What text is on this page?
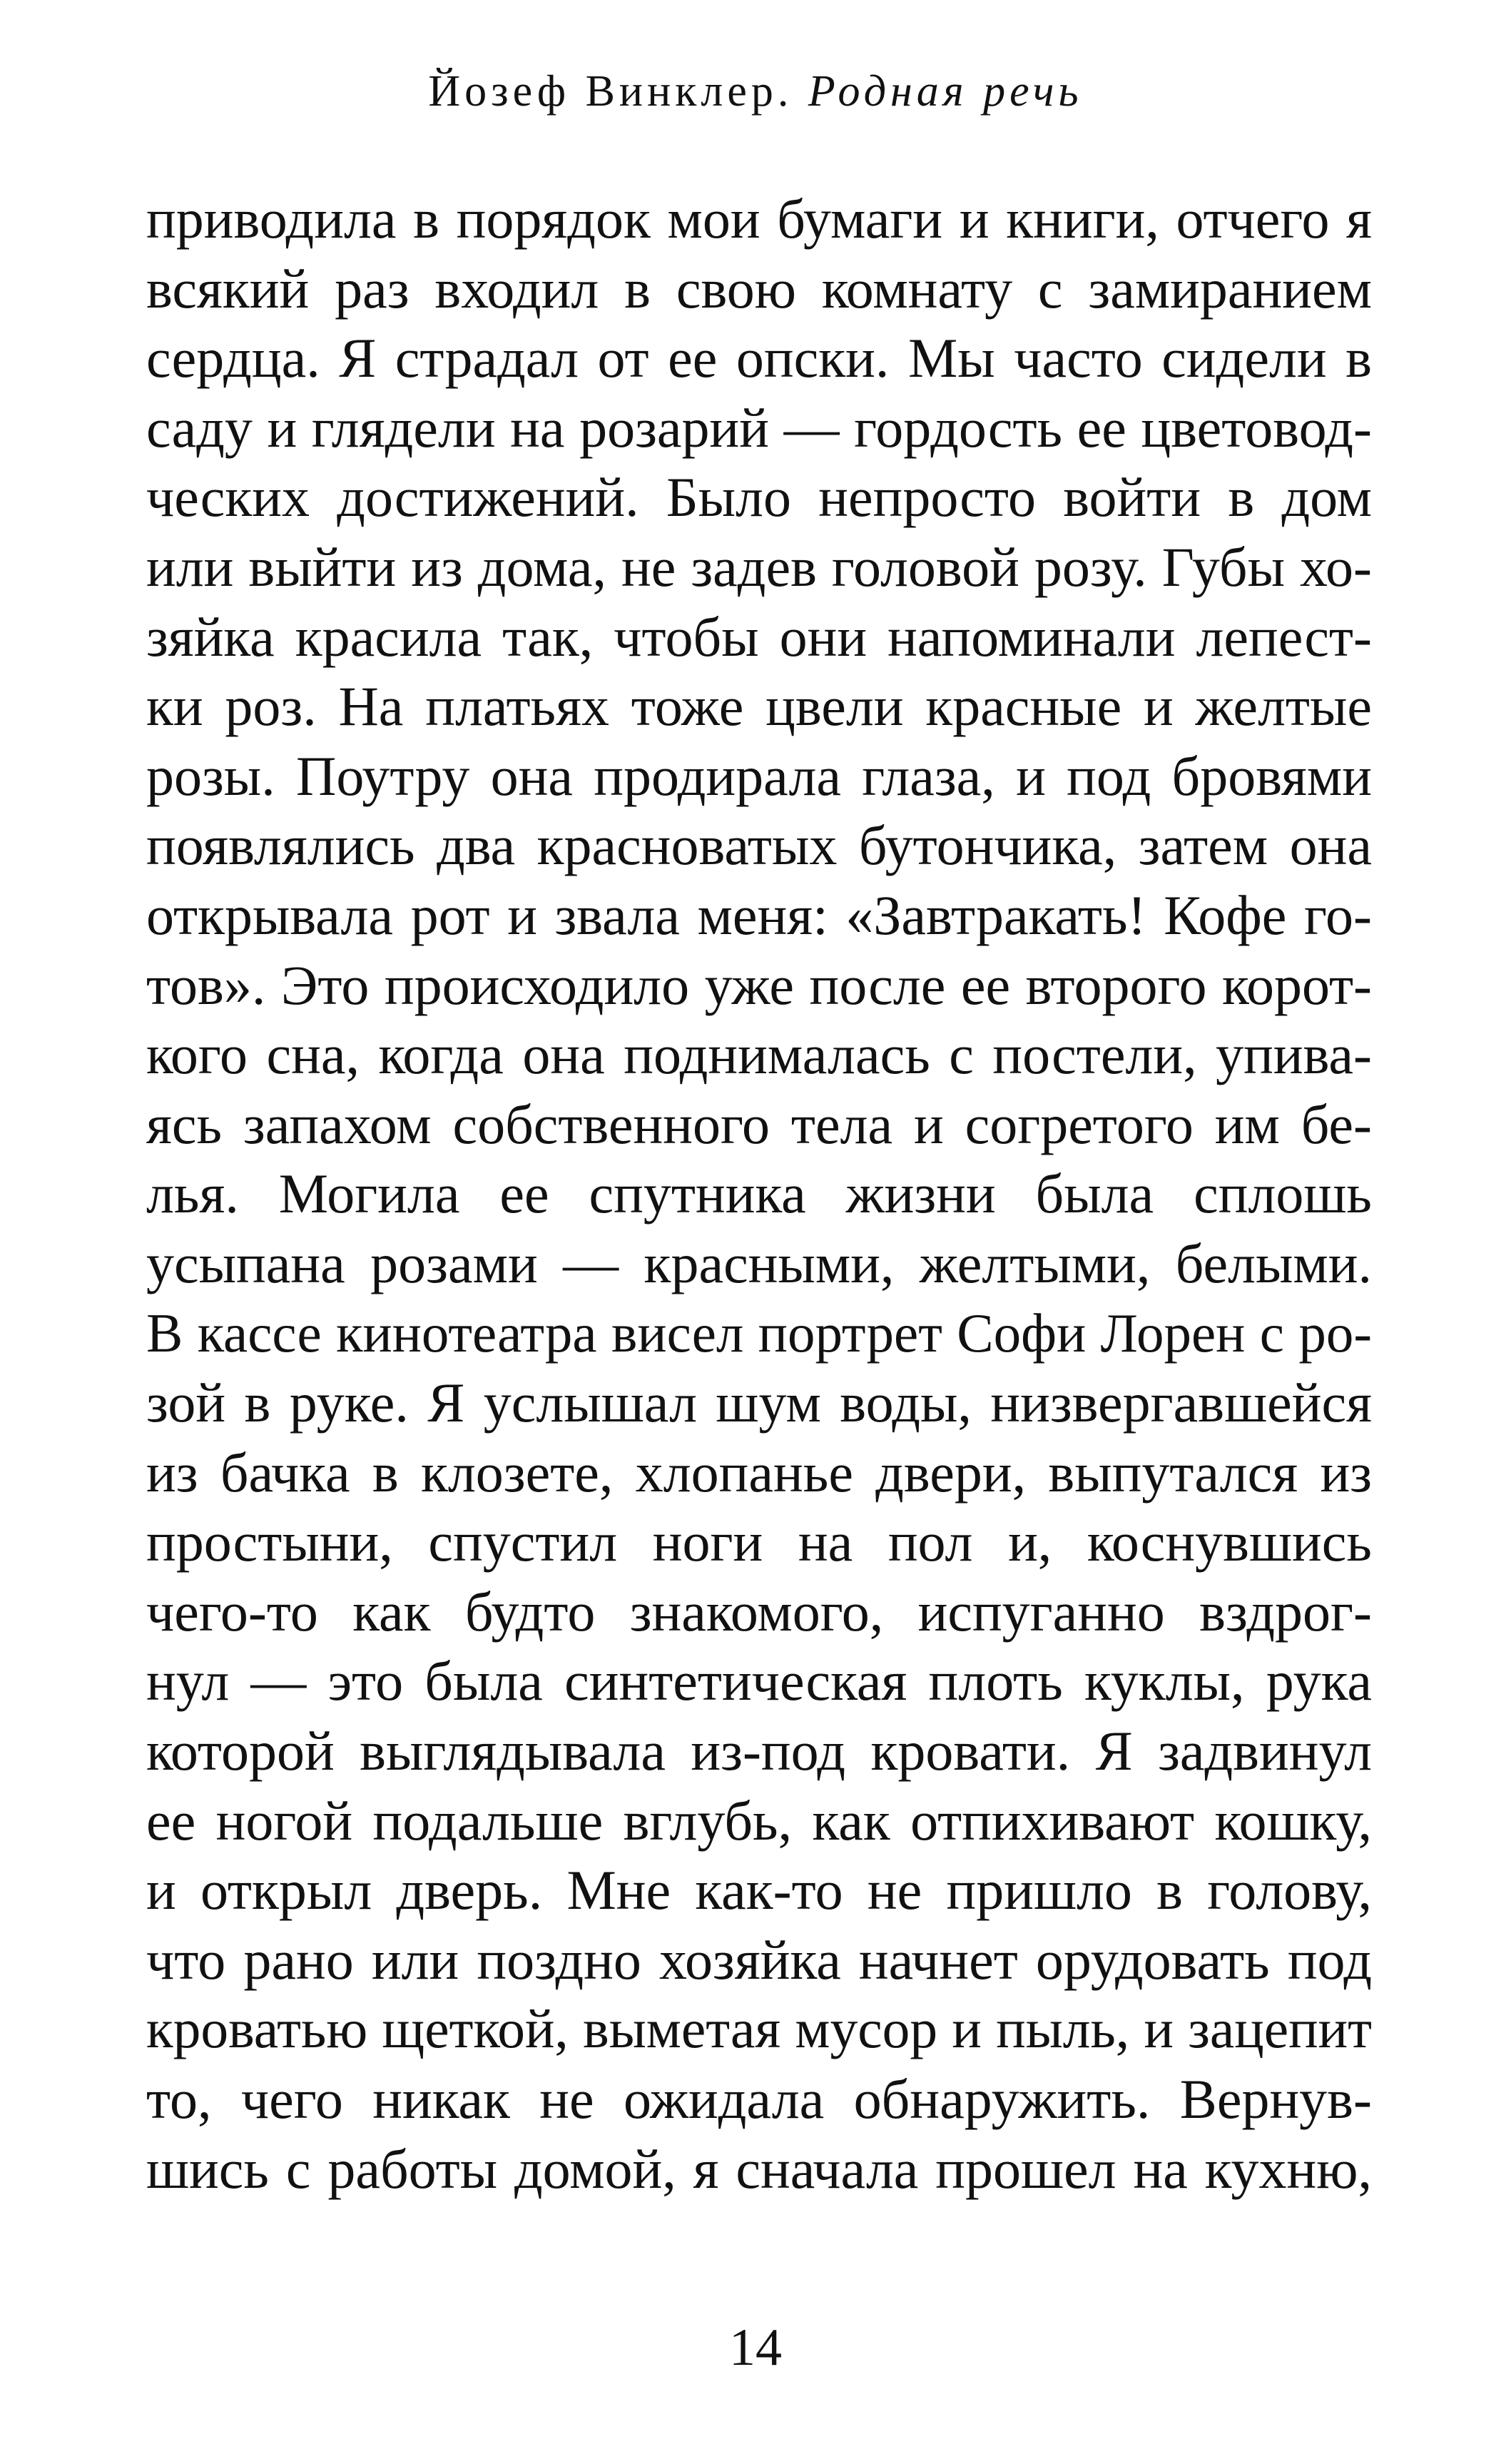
Йозеф Винклер. Родная речь
приводила в порядок мои бумаги и книги, отчего я
всякий раз входил в свою комнату с замиранием
сердца. Я страдал от ее опски. Мы часто сидели в
саду и глядели на розарий — гордость ее цветовод-
ческих достижений. Было непросто войти в дом
или выйти из дома, не задев головой розу. Губы хо-
зяйка красила так, чтобы они напоминали лепест-
ки роз. На платьях тоже цвели красные и желтые
розы. Поутру она продирала глаза, и под бровями
появлялись два красноватых бутончика, затем она
открывала рот и звала меня: «Завтракать! Кофе го-
тов». Это происходило уже после ее второго корот-
кого сна, когда она поднималась с постели, упива-
ясь запахом собственного тела и согретого им бе-
лья. Могила ее спутника жизни была сплошь
усыпана розами — красными, желтыми, белыми.
В кассе кинотеатра висел портрет Софи Лорен с ро-
зой в руке. Я услышал шум воды, низвергавшейся
из бачка в клозете, хлопанье двери, выпутался из
простыни, спустил ноги на пол и, коснувшись
чего-то как будто знакомого, испуганно вздрог-
нул — это была синтетическая плоть куклы, рука
которой выглядывала из-под кровати. Я задвинул
ее ногой подальше вглубь, как отпихивают кошку,
и открыл дверь. Мне как-то не пришло в голову,
что рано или поздно хозяйка начнет орудовать под
кроватью щеткой, выметая мусор и пыль, и зацепит
то, чего никак не ожидала обнаружить. Вернув-
шись с работы домой, я сначала прошел на кухню,
14
